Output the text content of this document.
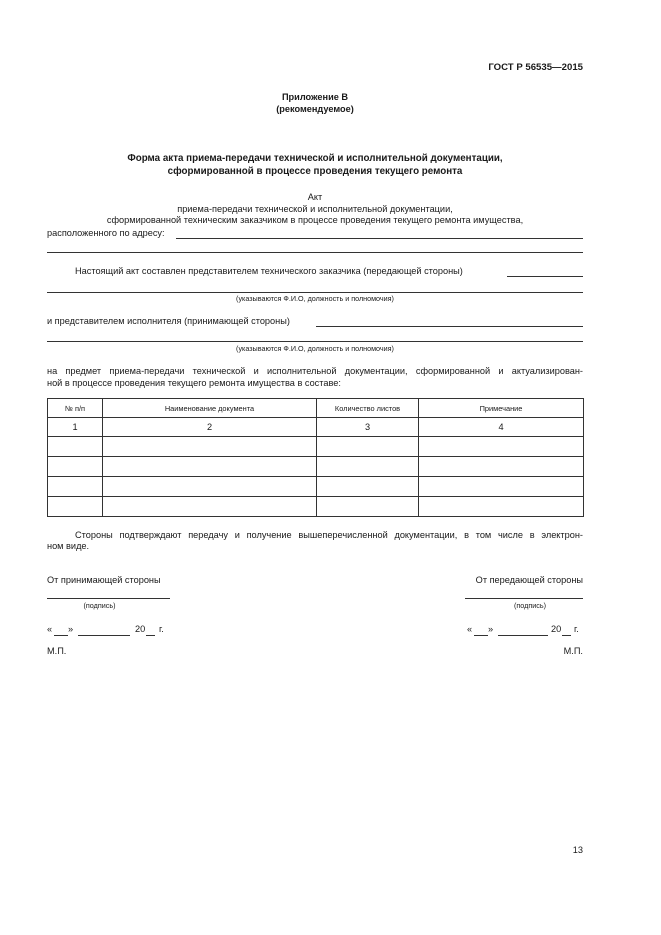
ГОСТ Р 56535—2015
Приложение В
(рекомендуемое)
Форма акта приема-передачи технической и исполнительной документации,
сформированной в процессе проведения текущего ремонта
Акт
приема-передачи технической и исполнительной документации,
сформированной техническим заказчиком в процессе проведения текущего ремонта имущества,
расположенного по адресу:
Настоящий акт составлен представителем технического заказчика (передающей стороны)
(указываются Ф.И.О, должность и полномочия)
и представителем исполнителя (принимающей стороны)
(указываются Ф.И.О, должность и полномочия)
на предмет приема-передачи технической и исполнительной документации, сформированной и актуализирован-
ной в процессе проведения текущего ремонта имущества в составе:
№ п/п	Наименование документа	Количество листов	Примечание
1	2	3	4

Стороны подтверждают передачу и получение вышеперечисленной документации, в том числе в электрон-
ном виде.
От принимающей стороны
(подпись)
« »	20 г.
М.П.
От передающей стороны
(подпись)
« »	20 г.
М.П.
13
